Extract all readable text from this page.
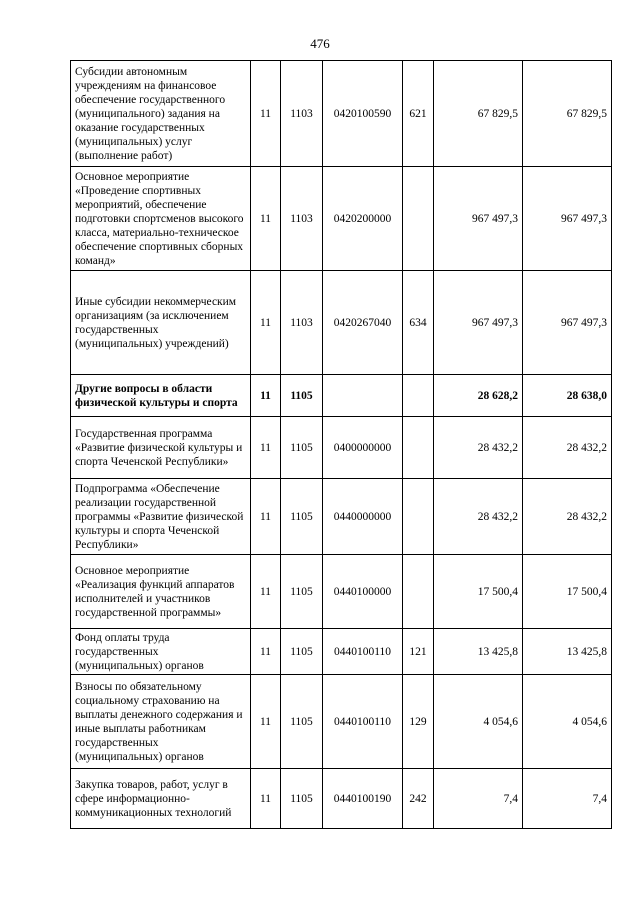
476
Субсидии автономным учреждениям на финансовое обеспечение государственного (муниципального) задания на оказание государственных (муниципальных) услуг (выполнение работ)	11	1103	0420100590	621	67 829,5	67 829,5
Основное мероприятие «Проведение спортивных мероприятий, обеспечение подготовки спортсменов высокого класса, материально-техническое обеспечение спортивных сборных команд»	11	1103	0420200000		967 497,3	967 497,3
Иные субсидии некоммерческим организациям (за исключением государственных (муниципальных) учреждений)	11	1103	0420267040	634	967 497,3	967 497,3
Другие вопросы в области физической культуры и спорта	11	1105			28 628,2	28 638,0
Государственная программа «Развитие физической культуры и спорта Чеченской Республики»	11	1105	0400000000		28 432,2	28 432,2
Подпрограмма «Обеспечение реализации государственной программы «Развитие физической культуры и спорта Чеченской Республики»	11	1105	0440000000		28 432,2	28 432,2
Основное мероприятие «Реализация функций аппаратов исполнителей и участников государственной программы»	11	1105	0440100000		17 500,4	17 500,4
Фонд оплаты труда государственных (муниципальных) органов	11	1105	0440100110	121	13 425,8	13 425,8
Взносы по обязательному социальному страхованию на выплаты денежного содержания и иные выплаты работникам государственных (муниципальных) органов	11	1105	0440100110	129	4 054,6	4 054,6
Закупка товаров, работ, услуг в сфере информационно-коммуникационных технологий	11	1105	0440100190	242	7,4	7,4
